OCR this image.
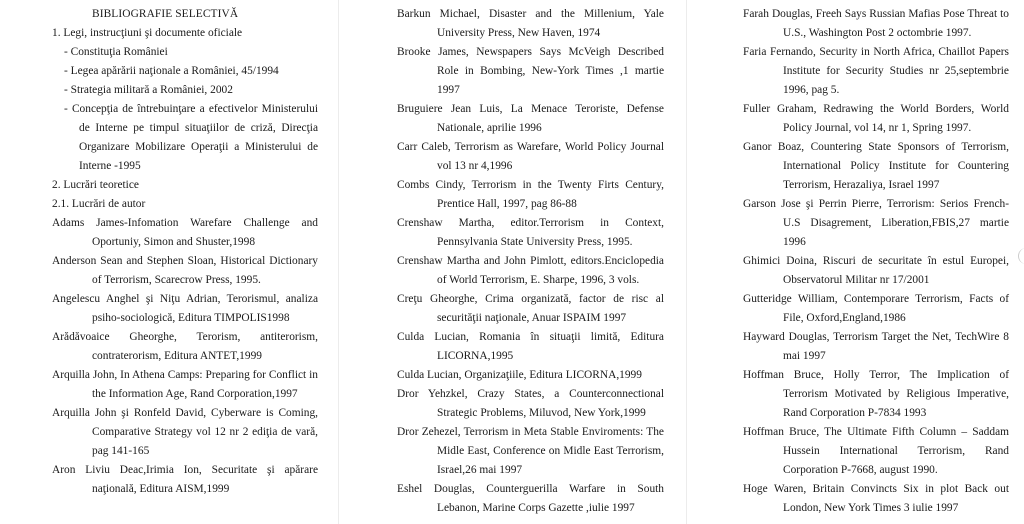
BIBLIOGRAFIE SELECTIVĂ
1. Legi, instrucţiuni şi documente oficiale
- Constituţia României
- Legea apărării naţionale a României, 45/1994
- Strategia militară a României, 2002
- Concepţia de întrebuinţare a efectivelor Ministerului de Interne pe timpul situaţiilor de criză, Direcţia Organizare Mobilizare Operaţii a Ministerului de Interne -1995
2. Lucrări teoretice
2.1. Lucrări de autor
Adams James-Infomation Warefare Challenge and Oportuniy, Simon and Shuster,1998
Anderson Sean and Stephen Sloan, Historical Dictionary of Terrorism, Scarecrow Press, 1995.
Angelescu Anghel şi Niţu Adrian, Terorismul, analiza psiho-sociologică, Editura TIMPOLIS1998
Arădăvoaice Gheorghe, Terorism, antiterorism, contraterorism, Editura ANTET,1999
Arquilla John, In Athena Camps: Preparing for Conflict in the Information Age, Rand Corporation,1997
Arquilla John şi Ronfeld David, Cyberware is Coming, Comparative Strategy vol 12 nr 2 ediţia de vară, pag 141-165
Aron Liviu Deac,Irimia Ion, Securitate şi apărare naţională, Editura AISM,1999
Barkun Michael, Disaster and the Millenium, Yale University Press, New Haven, 1974
Brooke James, Newspapers Says McVeigh Described Role in Bombing, New-York Times ,1 martie 1997
Bruguiere Jean Luis, La Menace Teroriste, Defense Nationale, aprilie 1996
Carr Caleb, Terrorism as Warefare, World Policy Journal vol 13 nr 4,1996
Combs Cindy, Terrorism in the Twenty Firts Century, Prentice Hall, 1997, pag 86-88
Crenshaw Martha, editor.Terrorism in Context, Pennsylvania State University Press, 1995.
Crenshaw Martha and John Pimlott, editors.Enciclopedia of World Terrorism, E. Sharpe, 1996, 3 vols.
Creţu Gheorghe, Crima organizată, factor de risc al securităţii naţionale, Anuar ISPAIM 1997
Culda Lucian, Romania în situaţii limită, Editura LICORNA,1995
Culda Lucian, Organizaţiile, Editura LICORNA,1999
Dror Yehzkel, Crazy States, a Counterconnectional Strategic Problems, Miluvod, New York,1999
Dror Zehezel, Terrorism in Meta Stable Enviroments: The Midle East, Conference on Midle East Terrorism, Israel,26 mai 1997
Eshel Douglas, Counterguerilla Warfare in South Lebanon, Marine Corps Gazette ,iulie 1997
Farah Douglas, Freeh Says Russian Mafias Pose Threat to U.S., Washington Post 2 octombrie 1997.
Faria Fernando, Security in North Africa, Chaillot Papers Institute for Security Studies nr 25,septembrie 1996, pag 5.
Fuller Graham, Redrawing the World Borders, World Policy Journal, vol 14, nr 1, Spring 1997.
Ganor Boaz, Countering State Sponsors of Terrorism, International Policy Institute for Countering Terrorism, Herazaliya, Israel 1997
Garson Jose şi Perrin Pierre, Terrorism: Serios French-U.S Disagrement, Liberation,FBIS,27 martie 1996
Ghimici Doina, Riscuri de securitate în estul Europei, Observatorul Militar nr 17/2001
Gutteridge William, Contemporare Terrorism, Facts of File, Oxford,England,1986
Hayward Douglas, Terrorism Target the Net, TechWire 8 mai 1997
Hoffman Bruce, Holly Terror, The Implication of Terrorism Motivated by Religious Imperative, Rand Corporation P-7834 1993
Hoffman Bruce, The Ultimate Fifth Column – Saddam Hussein International Terrorism, Rand Corporation P-7668, august 1990.
Hoge Waren, Britain Convincts Six in plot Back out London, New York Times 3 iulie 1997
